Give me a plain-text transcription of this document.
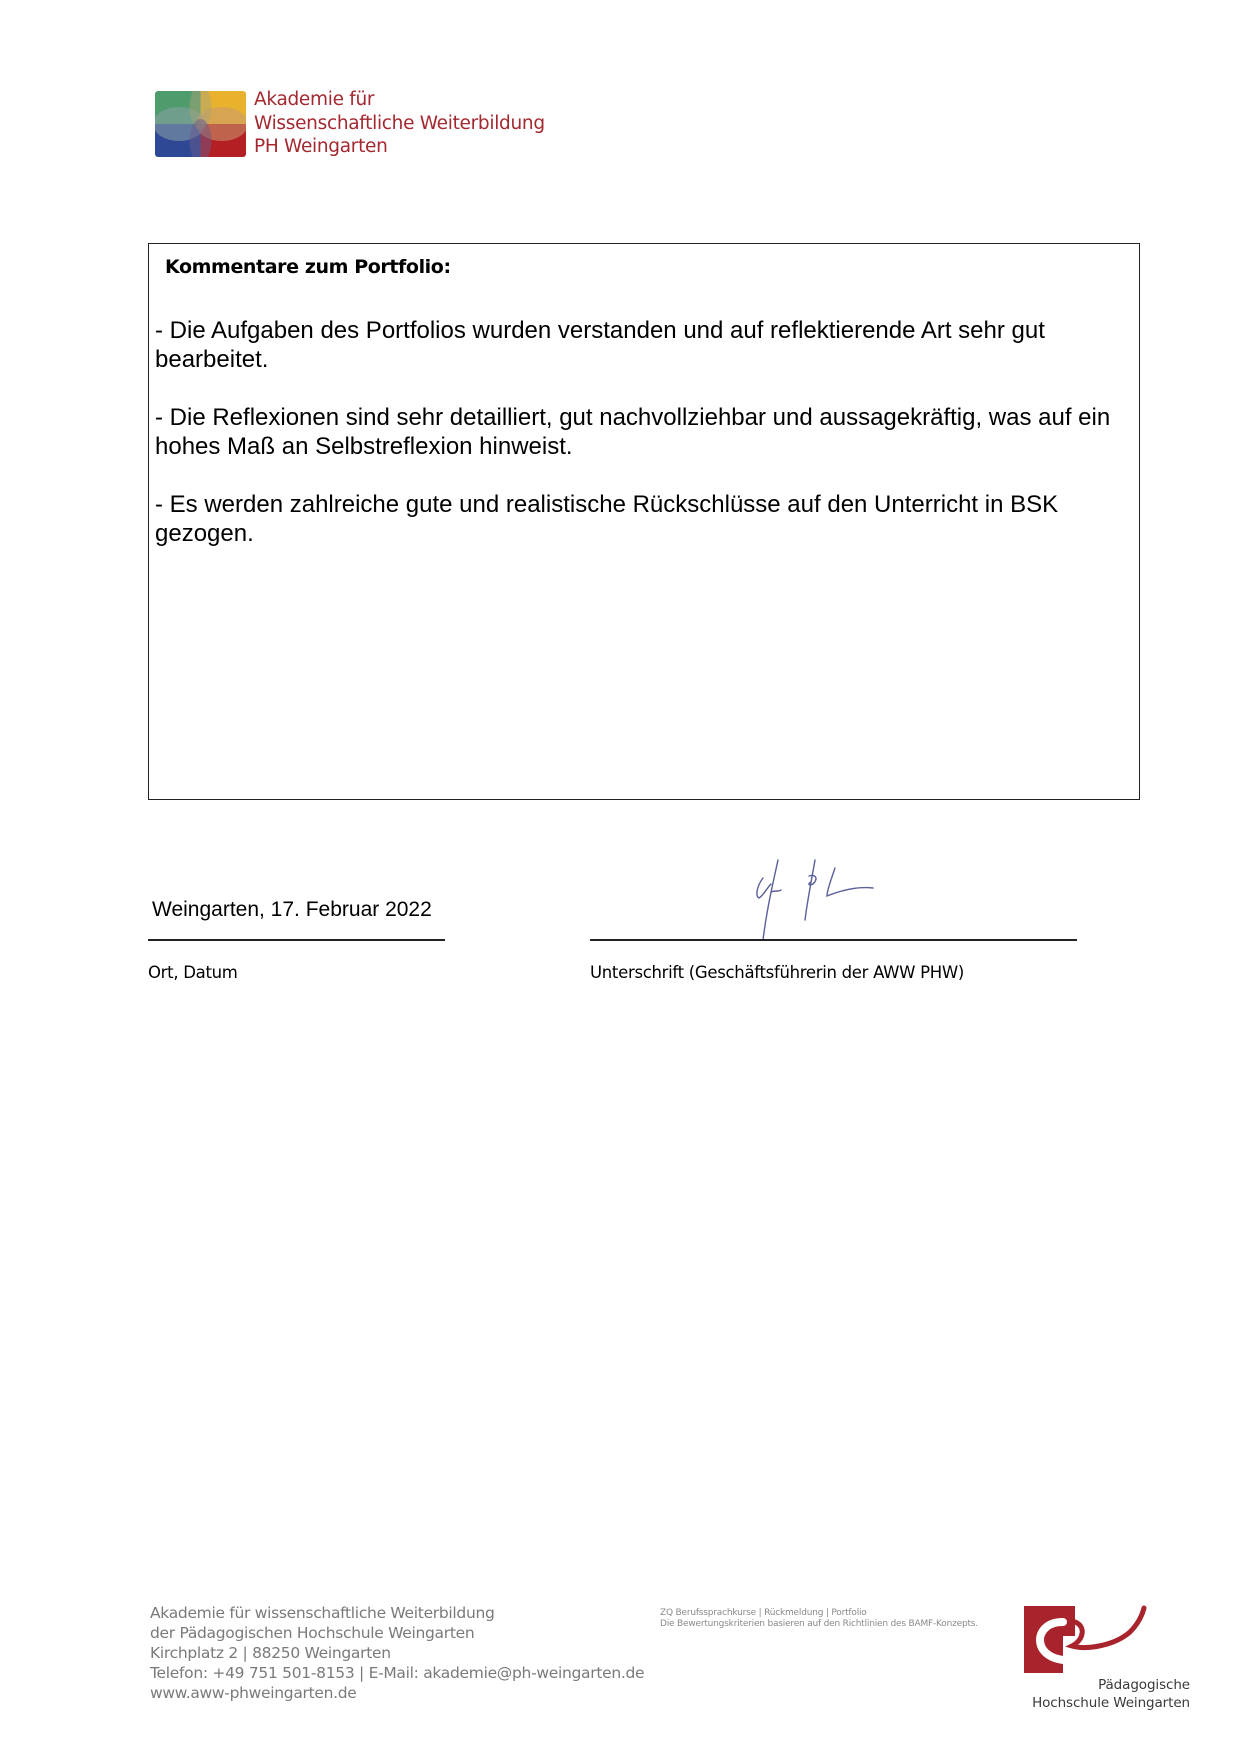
Akademie für
Wissenschaftliche Weiterbildung
PH Weingarten
Kommentare zum Portfolio:

- Die Aufgaben des Portfolios wurden verstanden und auf reflektierende Art sehr gut bearbeitet.

- Die Reflexionen sind sehr detailliert, gut nachvollziehbar und aussagekräftig, was auf ein hohes Maß an Selbstreflexion hinweist.

- Es werden zahlreiche gute und realistische Rückschlüsse auf den Unterricht in BSK gezogen.

Weingarten, 17. Februar 2022
Ort, Datum	Unterschrift (Geschäftsführerin der AWW PHW)
Akademie für wissenschaftliche Weiterbildung
der Pädagogischen Hochschule Weingarten
Kirchplatz 2 | 88250 Weingarten
Telefon: +49 751 501-8153 | E-Mail: akademie@ph-weingarten.de
www.aww-phweingarten.de
ZQ Berufssprachkurse | Rückmeldung | Portfolio
Die Bewertungskriterien basieren auf den Richtlinien des BAMF-Konzepts.
Pädagogische
Hochschule Weingarten
